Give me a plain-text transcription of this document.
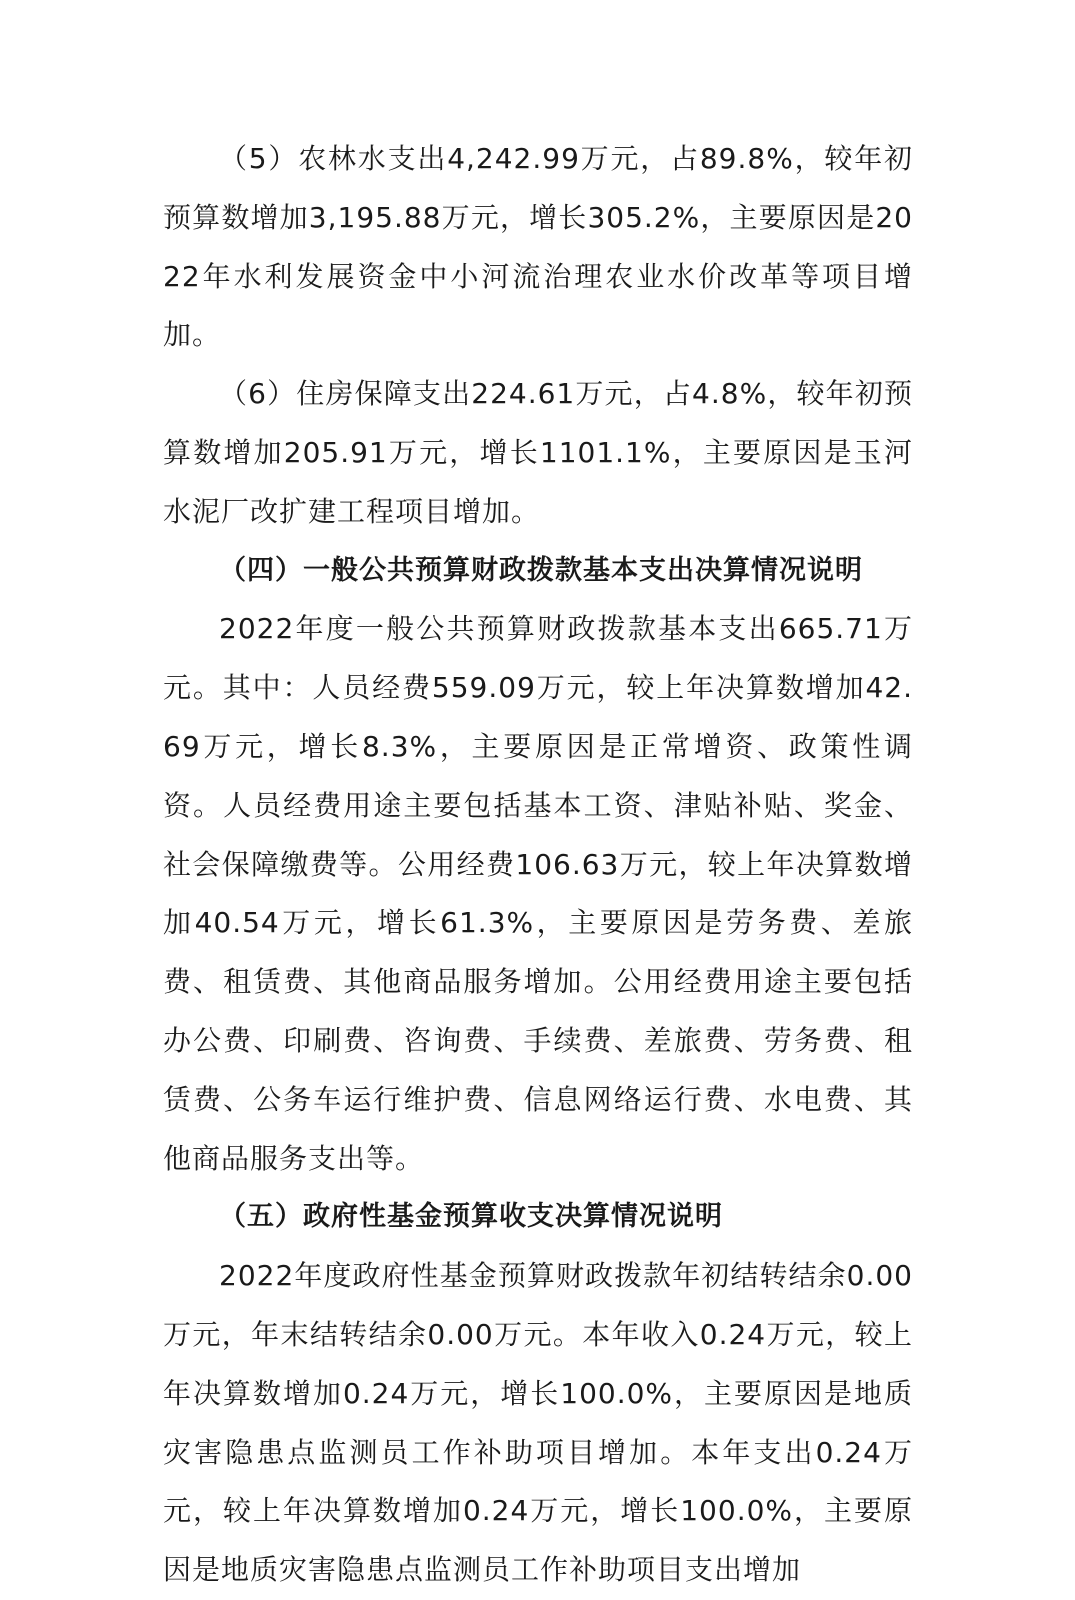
（5）农林水支出4,242.99万元，占89.8%，较年初预算数增加3,195.88万元，增长305.2%，主要原因是2022年水利发展资金中小河流治理农业水价改革等项目增加。

（6）住房保障支出224.61万元，占4.8%，较年初预算数增加205.91万元，增长1101.1%，主要原因是玉河水泥厂改扩建工程项目增加。

（四）一般公共预算财政拨款基本支出决算情况说明

2022年度一般公共预算财政拨款基本支出665.71万元。其中：人员经费559.09万元，较上年决算数增加42.69万元，增长8.3%，主要原因是正常增资、政策性调资。人员经费用途主要包括基本工资、津贴补贴、奖金、社会保障缴费等。公用经费106.63万元，较上年决算数增加40.54万元，增长61.3%，主要原因是劳务费、差旅费、租赁费、其他商品服务增加。公用经费用途主要包括办公费、印刷费、咨询费、手续费、差旅费、劳务费、租赁费、公务车运行维护费、信息网络运行费、水电费、其他商品服务支出等。

（五）政府性基金预算收支决算情况说明

2022年度政府性基金预算财政拨款年初结转结余0.00万元，年末结转结余0.00万元。本年收入0.24万元，较上年决算数增加0.24万元，增长100.0%，主要原因是地质灾害隐患点监测员工作补助项目增加。本年支出0.24万元，较上年决算数增加0.24万元，增长100.0%，主要原因是地质灾害隐患点监测员工作补助项目支出增加
